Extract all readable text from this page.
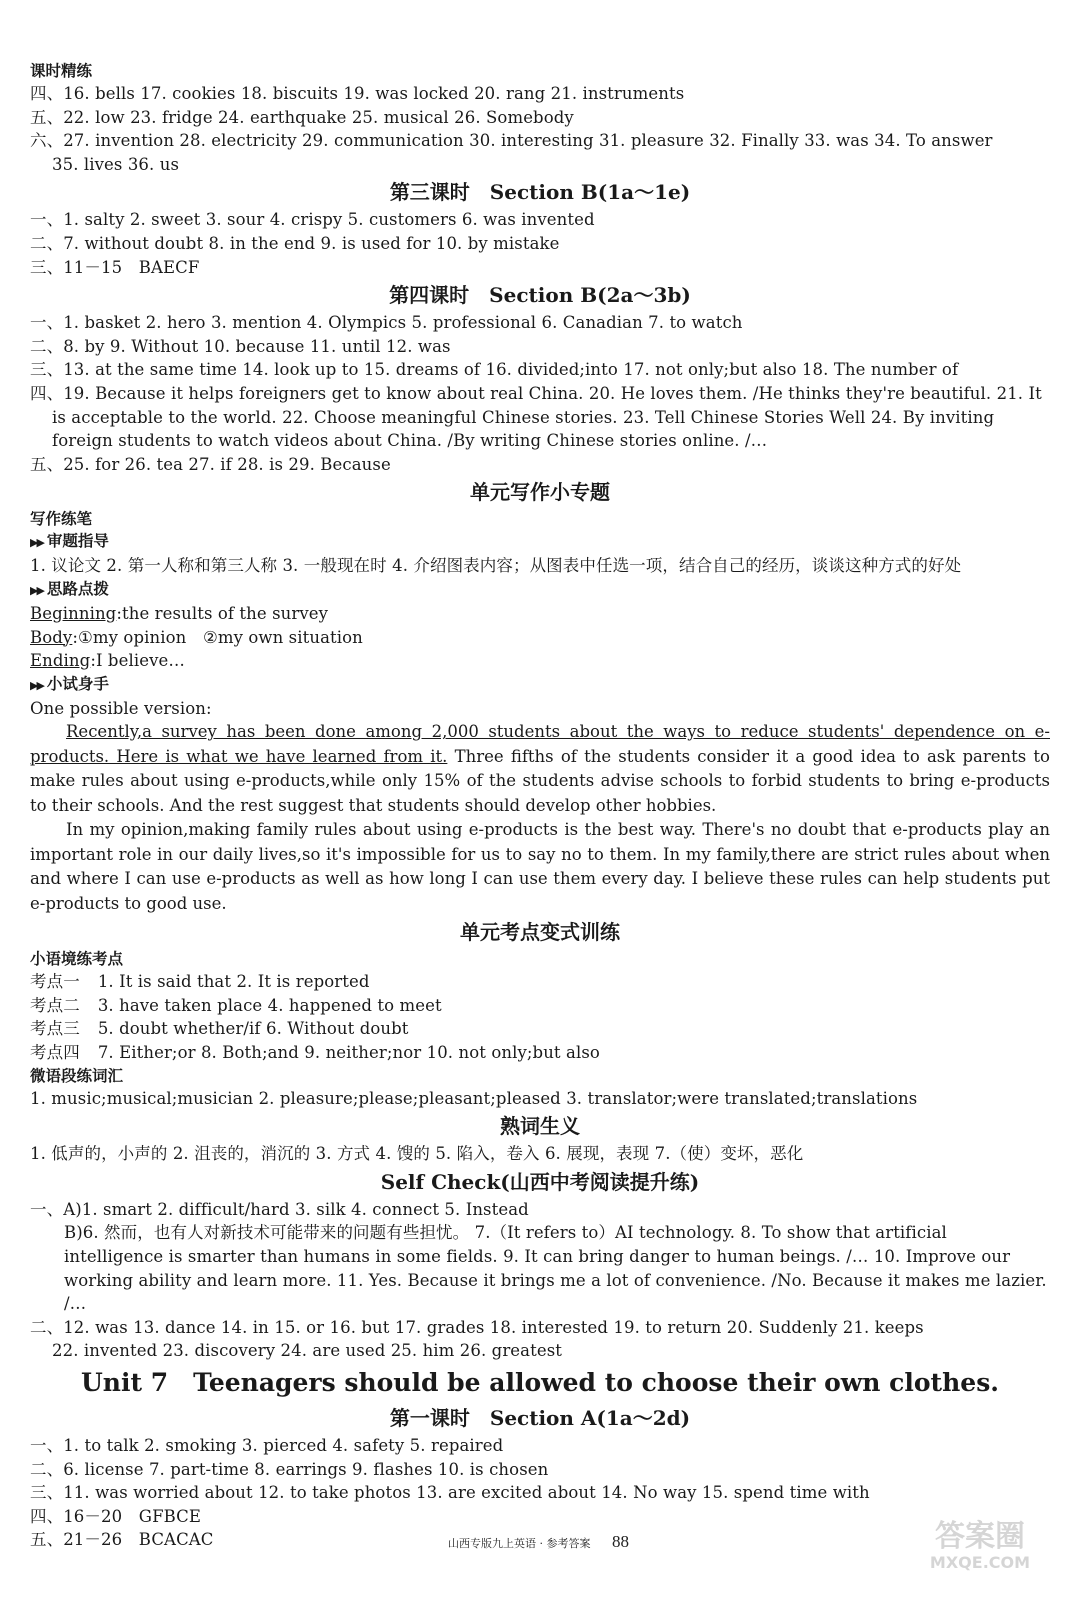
课时精练
四、16. bells 17. cookies 18. biscuits 19. was locked 20. rang 21. instruments
五、22. low 23. fridge 24. earthquake 25. musical 26. Somebody
六、27. invention 28. electricity 29. communication 30. interesting 31. pleasure 32. Finally 33. was 34. To answer
35. lives 36. us
第三课时　Section B(1a～1e)
一、1. salty 2. sweet 3. sour 4. crispy 5. customers 6. was invented
二、7. without doubt 8. in the end 9. is used for 10. by mistake
三、11－15　BAECF
第四课时　Section B(2a～3b)
一、1. basket 2. hero 3. mention 4. Olympics 5. professional 6. Canadian 7. to watch
二、8. by 9. Without 10. because 11. until 12. was
三、13. at the same time 14. look up to 15. dreams of 16. divided;into 17. not only;but also 18. The number of
四、19. Because it helps foreigners get to know about real China. 20. He loves them. /He thinks they're beautiful. 21. It is acceptable to the world. 22. Choose meaningful Chinese stories. 23. Tell Chinese Stories Well 24. By inviting foreign students to watch videos about China. /By writing Chinese stories online. /…
五、25. for 26. tea 27. if 28. is 29. Because
单元写作小专题
写作练笔
▶▶ 审题指导
1. 议论文 2. 第一人称和第三人称 3. 一般现在时 4. 介绍图表内容；从图表中任选一项，结合自己的经历，谈谈这种方式的好处
▶▶ 思路点拨
Beginning:the results of the survey
Body:①my opinion　②my own situation
Ending:I believe…
▶▶ 小试身手
One possible version:

Recently,a survey has been done among 2,000 students about the ways to reduce students' dependence on e-products. Here is what we have learned from it. Three fifths of the students consider it a good idea to ask parents to make rules about using e-products,while only 15% of the students advise schools to forbid students to bring e-products to their schools. And the rest suggest that students should develop other hobbies.

In my opinion,making family rules about using e-products is the best way. There's no doubt that e-products play an important role in our daily lives,so it's impossible for us to say no to them. In my family,there are strict rules about when and where I can use e-products as well as how long I can use them every day. I believe these rules can help students put e-products to good use.

单元考点变式训练
小语境练考点
考点一 1. It is said that 2. It is reported
考点二 3. have taken place 4. happened to meet
考点三 5. doubt whether/if 6. Without doubt
考点四 7. Either;or 8. Both;and 9. neither;nor 10. not only;but also
微语段练词汇
1. music;musical;musician 2. pleasure;please;pleasant;pleased 3. translator;were translated;translations
熟词生义
1. 低声的，小声的 2. 沮丧的，消沉的 3. 方式 4. 馊的 5. 陷入，卷入 6. 展现，表现 7.（使）变坏，恶化
Self Check(山西中考阅读提升练)
一、A)1. smart 2. difficult/hard 3. silk 4. connect 5. Instead
B)6. 然而，也有人对新技术可能带来的问题有些担忧。 7.（It refers to）AI technology. 8. To show that artificial intelligence is smarter than humans in some fields. 9. It can bring danger to human beings. /… 10. Improve our working ability and learn more. 11. Yes. Because it brings me a lot of convenience. /No. Because it makes me lazier. /…
二、12. was 13. dance 14. in 15. or 16. but 17. grades 18. interested 19. to return 20. Suddenly 21. keeps
22. invented 23. discovery 24. are used 25. him 26. greatest
Unit 7　Teenagers should be allowed to choose their own clothes.
第一课时　Section A(1a～2d)
一、1. to talk 2. smoking 3. pierced 4. safety 5. repaired
二、6. license 7. part-time 8. earrings 9. flashes 10. is chosen
三、11. was worried about 12. to take photos 13. are excited about 14. No way 15. spend time with
四、16－20　GFBCE
五、21－26　BCACAC	山西专版九上英语 · 参考答案 88	答案圈
MXQE.COM
